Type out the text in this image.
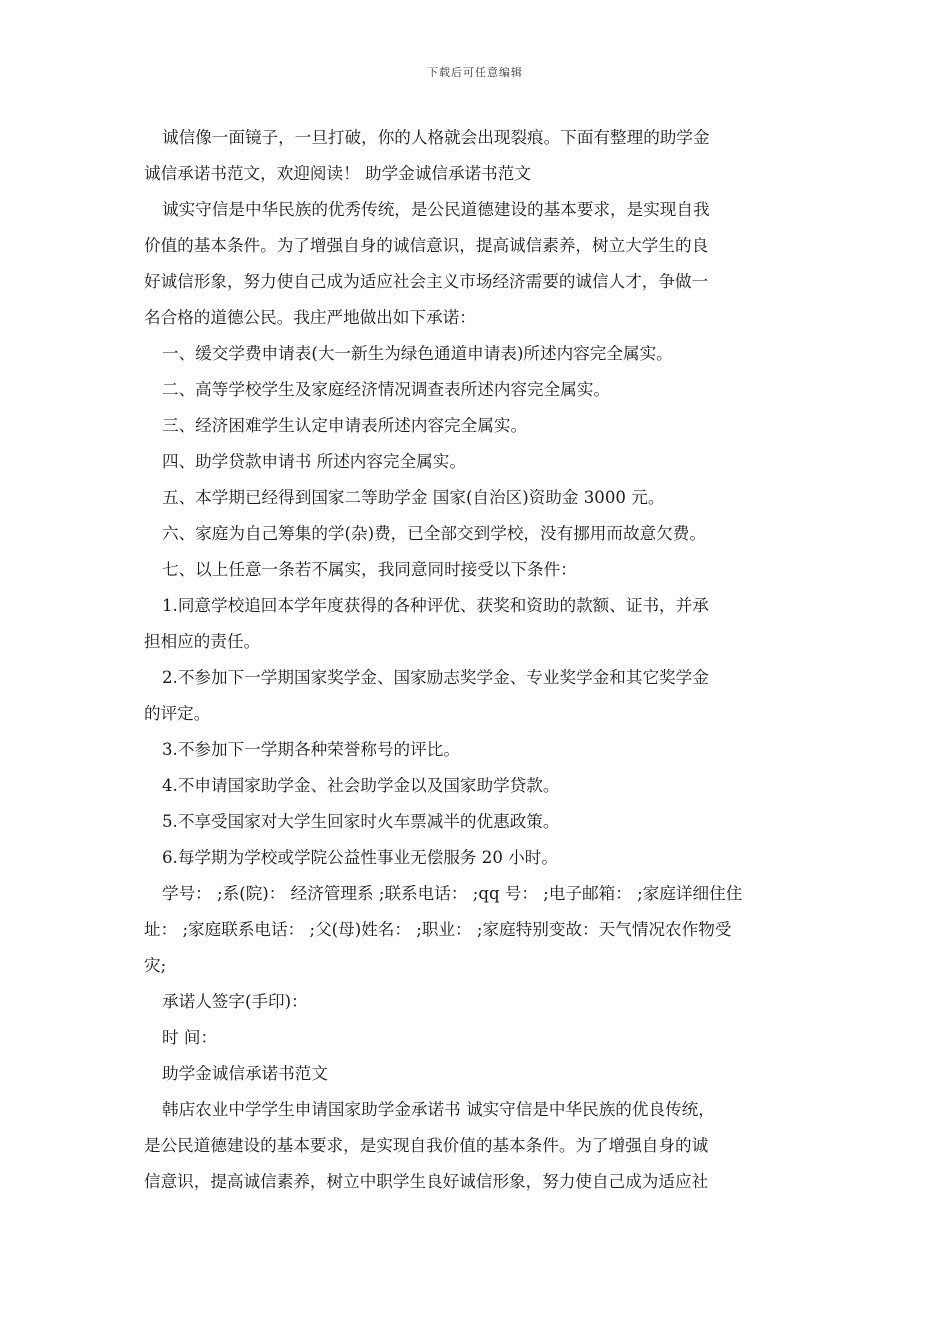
下载后可任意编辑
诚信像一面镜子，一旦打破，你的人格就会出现裂痕。下面有整理的助学金
诚信承诺书范文，欢迎阅读！ 助学金诚信承诺书范文
诚实守信是中华民族的优秀传统，是公民道德建设的基本要求，是实现自我
价值的基本条件。为了增强自身的诚信意识，提高诚信素养，树立大学生的良
好诚信形象，努力使自己成为适应社会主义市场经济需要的诚信人才，争做一
名合格的道德公民。我庄严地做出如下承诺：
一、缓交学费申请表(大一新生为绿色通道申请表)所述内容完全属实。
二、高等学校学生及家庭经济情况调查表所述内容完全属实。
三、经济困难学生认定申请表所述内容完全属实。
四、助学贷款申请书 所述内容完全属实。
五、本学期已经得到国家二等助学金 国家(自治区)资助金 3000 元。
六、家庭为自己筹集的学(杂)费，已全部交到学校，没有挪用而故意欠费。
七、以上任意一条若不属实，我同意同时接受以下条件：
1.同意学校追回本学年度获得的各种评优、获奖和资助的款额、证书，并承
担相应的责任。
2.不参加下一学期国家奖学金、国家励志奖学金、专业奖学金和其它奖学金
的评定。
3.不参加下一学期各种荣誉称号的评比。
4.不申请国家助学金、社会助学金以及国家助学贷款。
5.不享受国家对大学生回家时火车票减半的优惠政策。
6.每学期为学校或学院公益性事业无偿服务 20 小时。
学号： ;系(院)： 经济管理系 ;联系电话： ;qq 号： ;电子邮箱： ;家庭详细住住
址： ;家庭联系电话： ;父(母)姓名： ;职业： ;家庭特别变故：天气情况农作物受
灾;
承诺人签字(手印)：
时 间：
助学金诚信承诺书范文
韩店农业中学学生申请国家助学金承诺书 诚实守信是中华民族的优良传统，
是公民道德建设的基本要求，是实现自我价值的基本条件。为了增强自身的诚
信意识，提高诚信素养，树立中职学生良好诚信形象，努力使自己成为适应社
